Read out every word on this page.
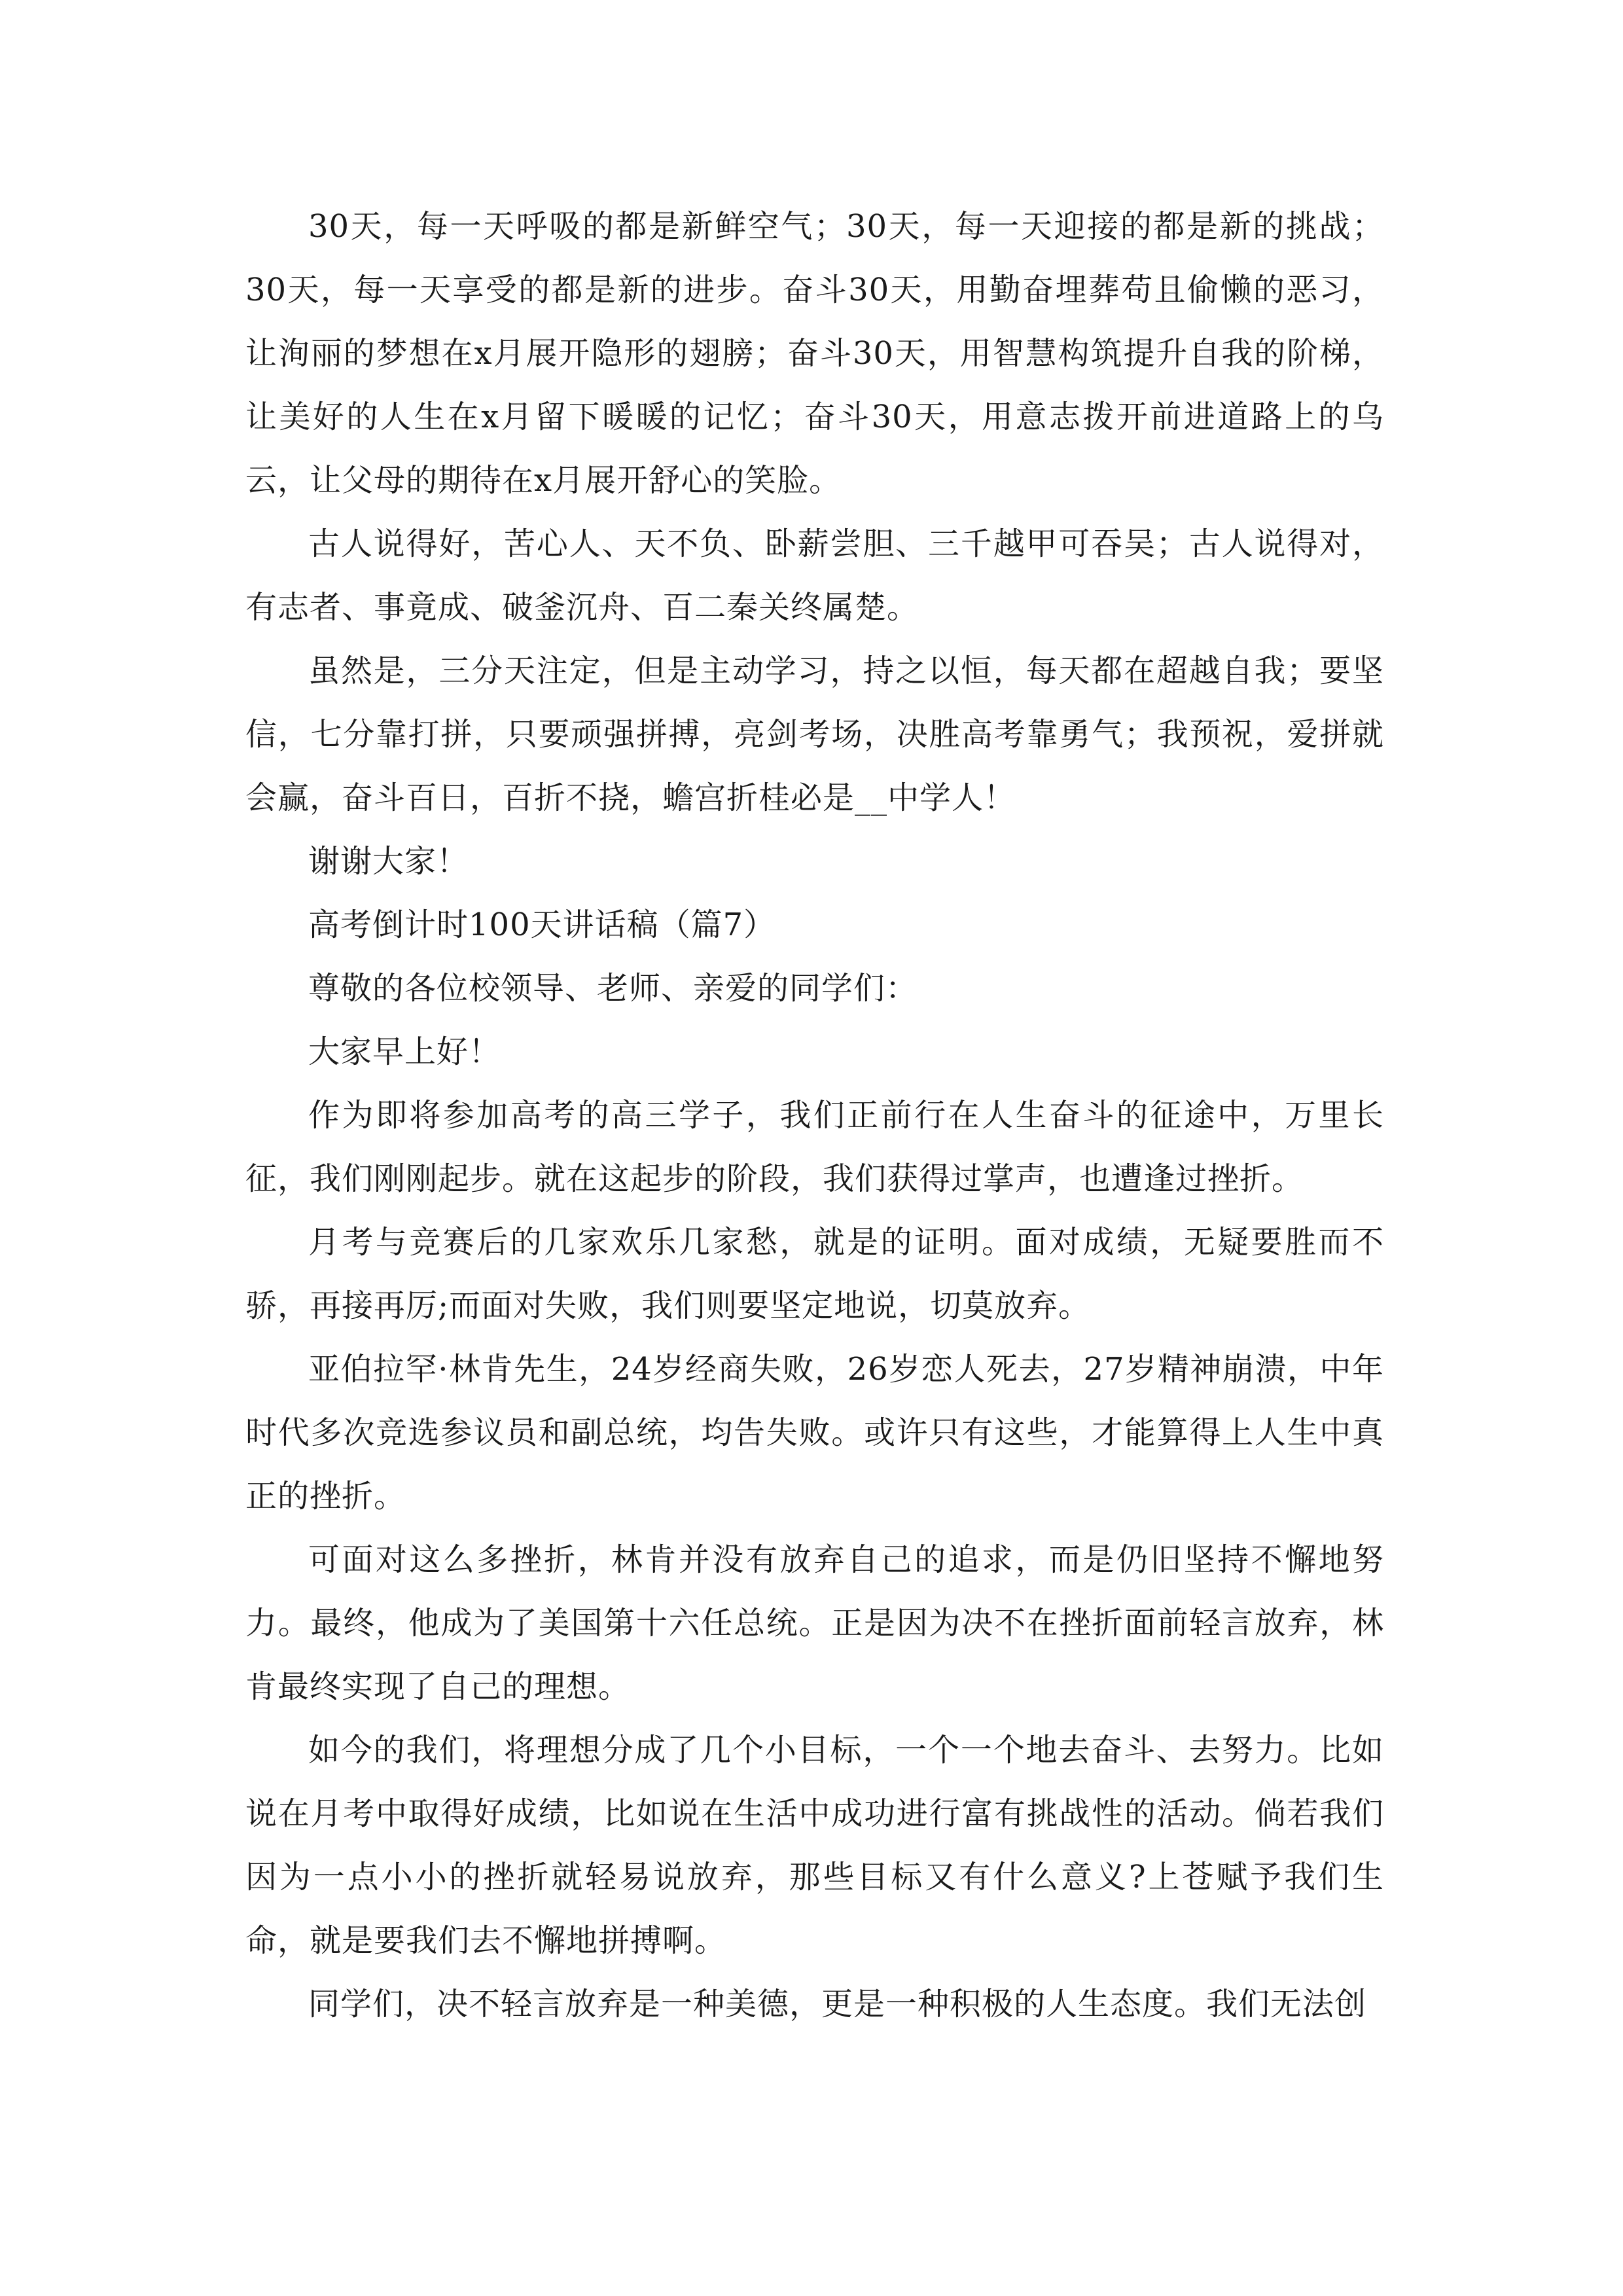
30天，每一天呼吸的都是新鲜空气；30天，每一天迎接的都是新的挑战；30天，每一天享受的都是新的进步。奋斗30天，用勤奋埋葬苟且偷懒的恶习，让洵丽的梦想在x月展开隐形的翅膀；奋斗30天，用智慧构筑提升自我的阶梯，让美好的人生在x月留下暖暖的记忆；奋斗30天，用意志拨开前进道路上的乌云，让父母的期待在x月展开舒心的笑脸。

古人说得好，苦心人、天不负、卧薪尝胆、三千越甲可吞吴；古人说得对，有志者、事竟成、破釜沉舟、百二秦关终属楚。

虽然是，三分天注定，但是主动学习，持之以恒，每天都在超越自我；要坚信，七分靠打拼，只要顽强拼搏，亮剑考场，决胜高考靠勇气；我预祝，爱拼就会赢，奋斗百日，百折不挠，蟾宫折桂必是__中学人！

谢谢大家！

高考倒计时100天讲话稿（篇7）

尊敬的各位校领导、老师、亲爱的同学们：

大家早上好！

作为即将参加高考的高三学子，我们正前行在人生奋斗的征途中，万里长征，我们刚刚起步。就在这起步的阶段，我们获得过掌声，也遭逢过挫折。

月考与竞赛后的几家欢乐几家愁，就是的证明。面对成绩，无疑要胜而不骄，再接再厉;而面对失败，我们则要坚定地说，切莫放弃。

亚伯拉罕·林肯先生，24岁经商失败，26岁恋人死去，27岁精神崩溃，中年时代多次竞选参议员和副总统，均告失败。或许只有这些，才能算得上人生中真正的挫折。

可面对这么多挫折，林肯并没有放弃自己的追求，而是仍旧坚持不懈地努力。最终，他成为了美国第十六任总统。正是因为决不在挫折面前轻言放弃，林肯最终实现了自己的理想。

如今的我们，将理想分成了几个小目标，一个一个地去奋斗、去努力。比如说在月考中取得好成绩，比如说在生活中成功进行富有挑战性的活动。倘若我们因为一点小小的挫折就轻易说放弃，那些目标又有什么意义?上苍赋予我们生命，就是要我们去不懈地拼搏啊。

同学们，决不轻言放弃是一种美德，更是一种积极的人生态度。我们无法创
